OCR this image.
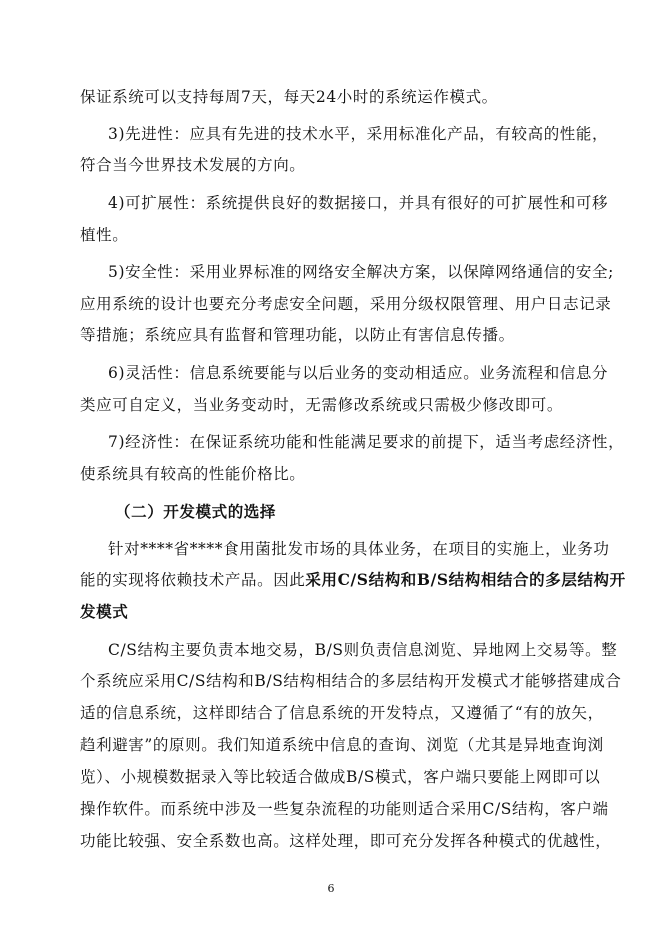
保证系统可以支持每周7天，每天24小时的系统运作模式。
3)先进性：应具有先进的技术水平，采用标准化产品，有较高的性能，
符合当今世界技术发展的方向。
4)可扩展性：系统提供良好的数据接口，并具有很好的可扩展性和可移
植性。
5)安全性：采用业界标准的网络安全解决方案，以保障网络通信的安全;
应用系统的设计也要充分考虑安全问题，采用分级权限管理、用户日志记录
等措施；系统应具有监督和管理功能，以防止有害信息传播。
6)灵活性：信息系统要能与以后业务的变动相适应。业务流程和信息分
类应可自定义，当业务变动时，无需修改系统或只需极少修改即可。
7)经济性：在保证系统功能和性能满足要求的前提下，适当考虑经济性，
使系统具有较高的性能价格比。
（二）开发模式的选择
针对****省****食用菌批发市场的具体业务，在项目的实施上，业务功
能的实现将依赖技术产品。因此采用C/S结构和B/S结构相结合的多层结构开
发模式
C/S结构主要负责本地交易，B/S则负责信息浏览、异地网上交易等。整
个系统应采用C/S结构和B/S结构相结合的多层结构开发模式才能够搭建成合
适的信息系统，这样即结合了信息系统的开发特点，又遵循了“有的放矢，
趋利避害”的原则。我们知道系统中信息的查询、浏览（尤其是异地查询浏
览）、小规模数据录入等比较适合做成B/S模式，客户端只要能上网即可以
操作软件。而系统中涉及一些复杂流程的功能则适合采用C/S结构，客户端
功能比较强、安全系数也高。这样处理，即可充分发挥各种模式的优越性，
6
